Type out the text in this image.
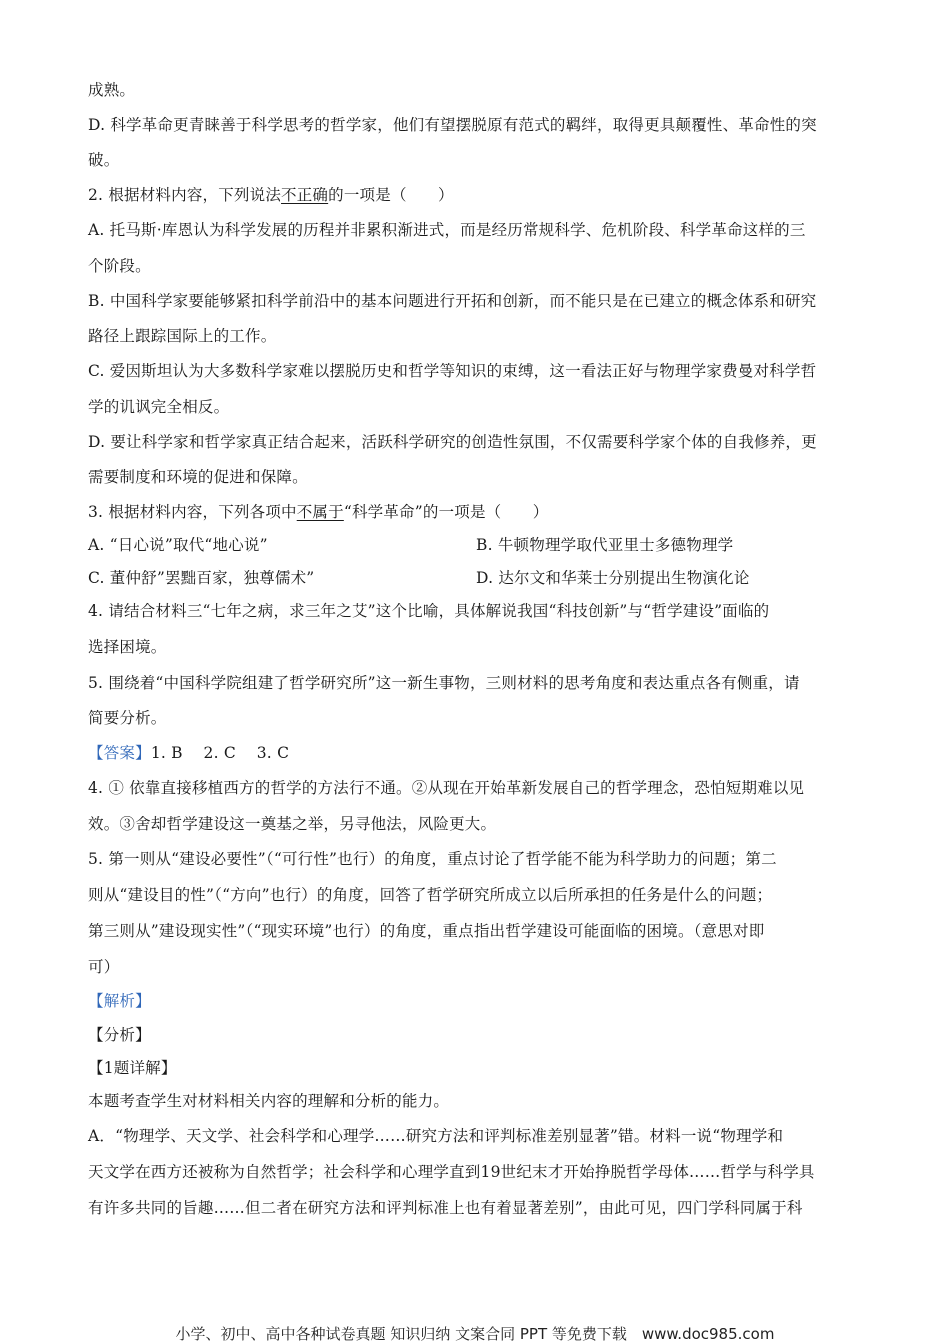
成熟。
D. 科学革命更青睐善于科学思考的哲学家，他们有望摆脱原有范式的羁绊，取得更具颠覆性、革命性的突
破。
2. 根据材料内容，下列说法不正确的一项是（　　）
A. 托马斯·库恩认为科学发展的历程并非累积渐进式，而是经历常规科学、危机阶段、科学革命这样的三
个阶段。
B. 中国科学家要能够紧扣科学前沿中的基本问题进行开拓和创新，而不能只是在已建立的概念体系和研究
路径上跟踪国际上的工作。
C. 爱因斯坦认为大多数科学家难以摆脱历史和哲学等知识的束缚，这一看法正好与物理学家费曼对科学哲
学的讥讽完全相反。
D. 要让科学家和哲学家真正结合起来，活跃科学研究的创造性氛围，不仅需要科学家个体的自我修养，更
需要制度和环境的促进和保障。
3. 根据材料内容，下列各项中不属于“科学革命”的一项是（　　）
A. “日心说”取代“地心说”	B. 牛顿物理学取代亚里士多德物理学
C. 董仲舒”罢黜百家，独尊儒术”	D. 达尔文和华莱士分别提出生物演化论
4. 请结合材料三“七年之病，求三年之艾”这个比喻，具体解说我国“科技创新”与“哲学建设”面临的
选择困境。
5. 围绕着“中国科学院组建了哲学研究所”这一新生事物，三则材料的思考角度和表达重点各有侧重，请
简要分析。
【答案】1. B　 2. C　 3. C
4. ① 依靠直接移植西方的哲学的方法行不通。②从现在开始革新发展自己的哲学理念，恐怕短期难以见
效。③舍却哲学建设这一奠基之举，另寻他法，风险更大。
5. 第一则从“建设必要性”（“可行性”也行）的角度，重点讨论了哲学能不能为科学助力的问题；第二
则从“建设目的性”（“方向”也行）的角度，回答了哲学研究所成立以后所承担的任务是什么的问题；
第三则从”建设现实性”（“现实环境”也行）的角度，重点指出哲学建设可能面临的困境。（意思对即
可）
【解析】
【分析】
【1题详解】
本题考查学生对材料相关内容的理解和分析的能力。
A．“物理学、天文学、社会科学和心理学……研究方法和评判标准差别显著”错。材料一说“物理学和
天文学在西方还被称为自然哲学；社会科学和心理学直到19世纪末才开始挣脱哲学母体……哲学与科学具
有许多共同的旨趣……但二者在研究方法和评判标准上也有着显著差别”，由此可见，四门学科同属于科
小学、初中、高中各种试卷真题 知识归纳 文案合同 PPT 等免费下载　www.doc985.com
